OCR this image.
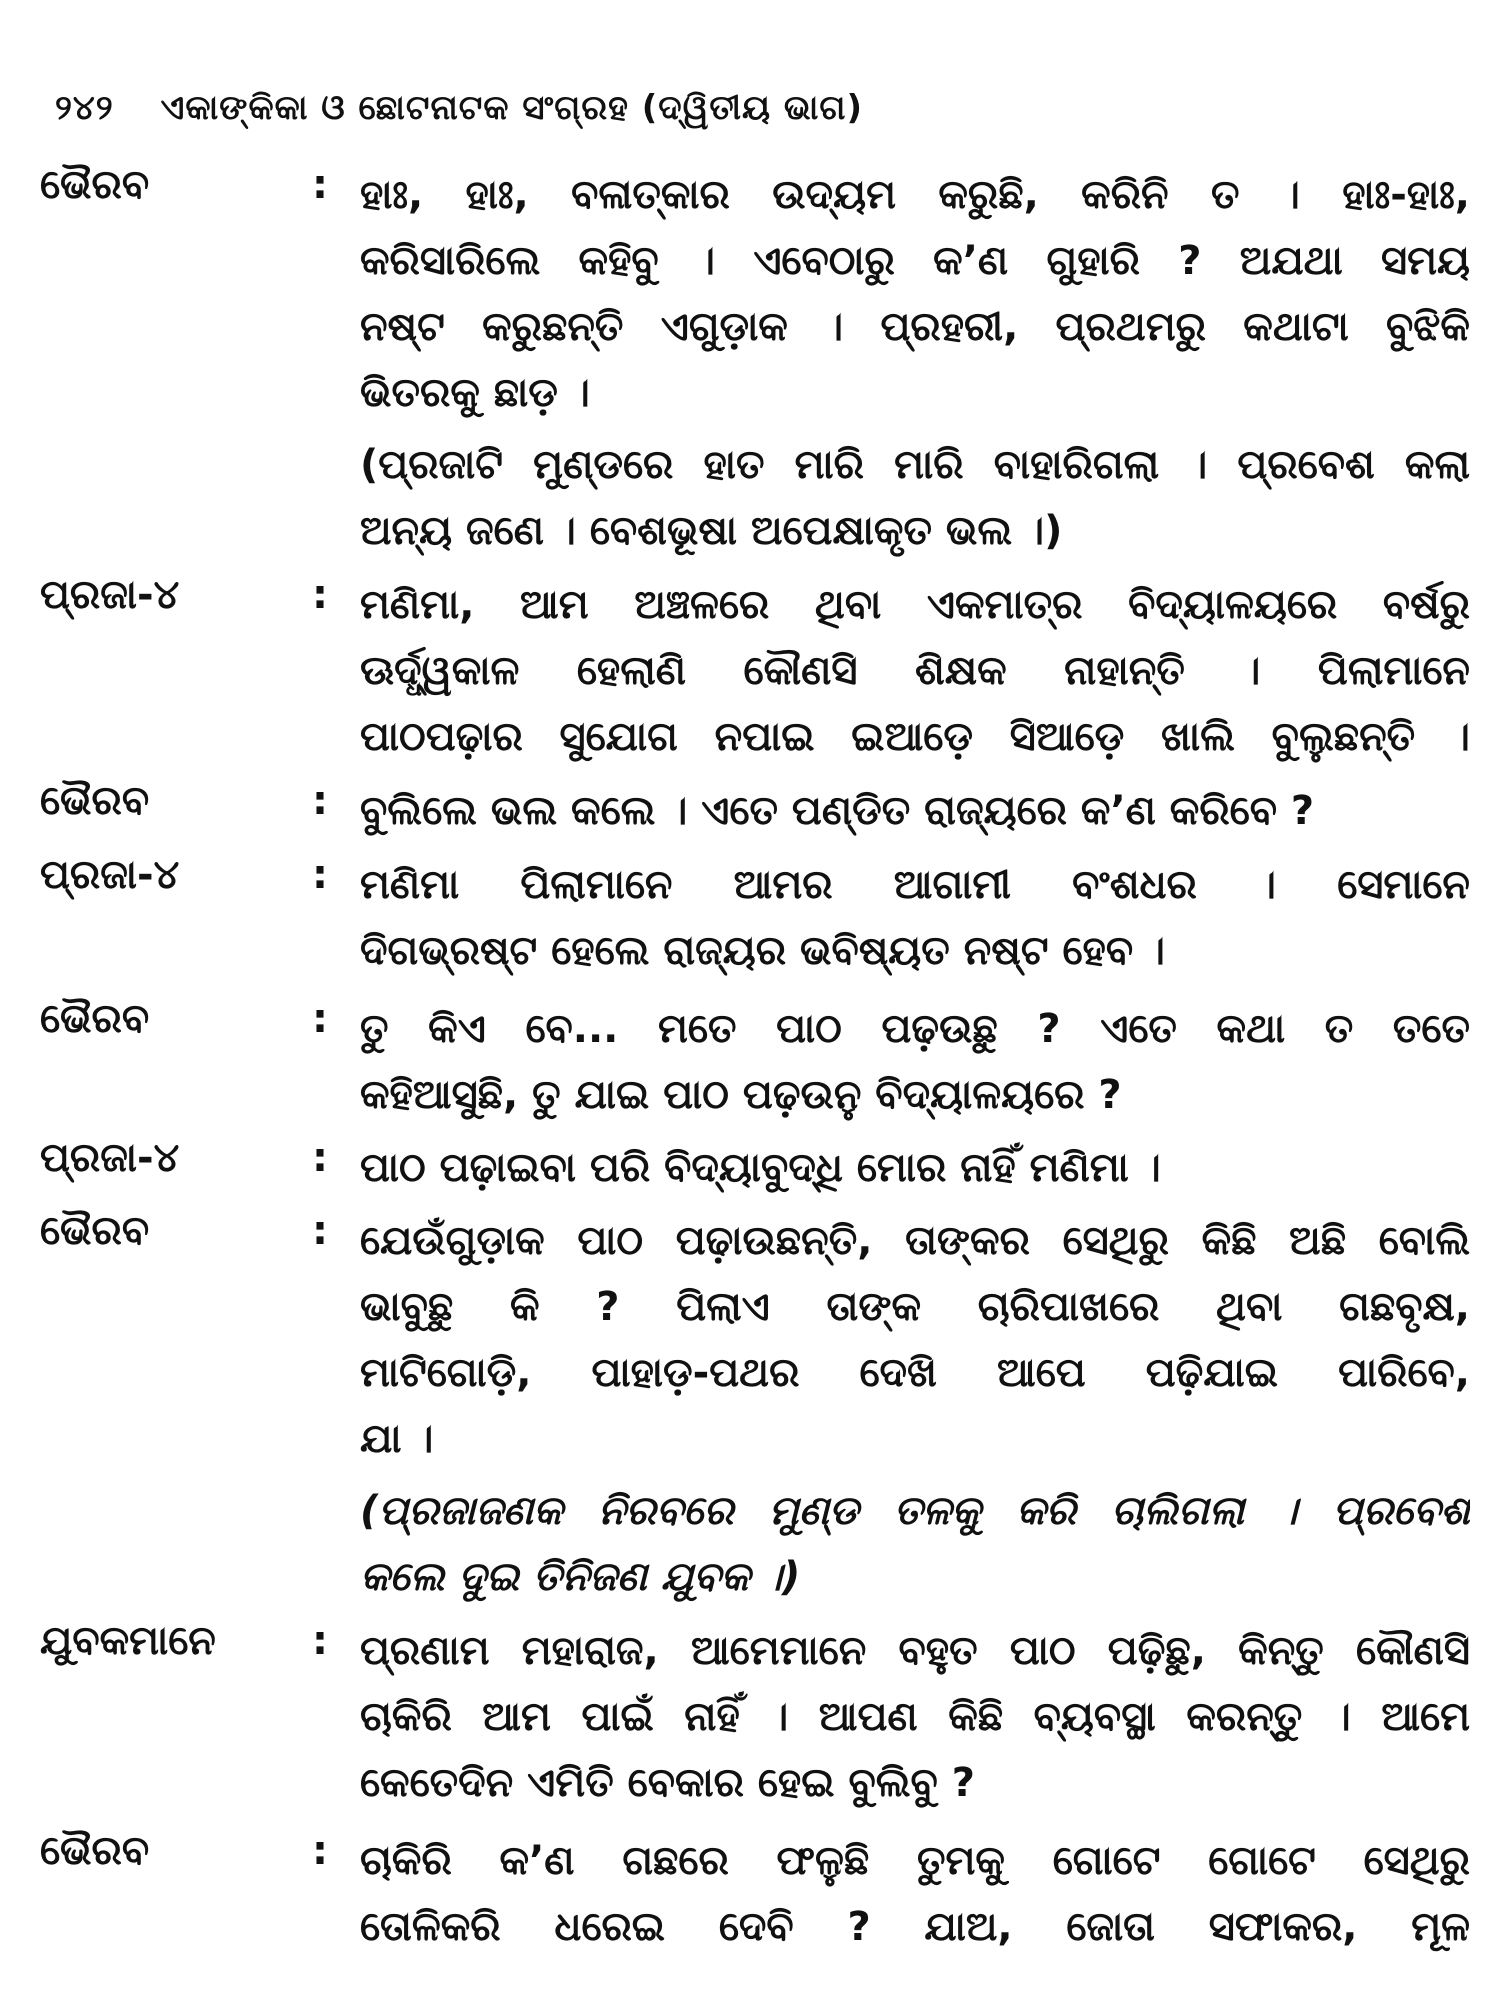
୨୪୨ ଏକାଙ୍କିକା ଓ ଛୋଟନାଟକ ସଂଗ୍ରହ (ଦ୍ୱିତୀୟ ଭାଗ)
ଭୈରବ	: ହାଃ, ହାଃ, ବଳାତ୍କାର ଉଦ୍ୟମ କରୁଛି, କରିନି ତ । ହାଃ-ହାଃ,
କରିସାରିଲେ କହିବୁ । ଏବେଠାରୁ କ’ଣ ଗୁହାରି ? ଅଯଥା ସମୟ
ନଷ୍ଟ କରୁଛନ୍ତି ଏଗୁଡ଼ାକ । ପ୍ରହରୀ, ପ୍ରଥମରୁ କଥାଟା ବୁଝିକି
ଭିତରକୁ ଛାଡ଼ ।
(ପ୍ରଜାଟି ମୁଣ୍ଡରେ ହାତ ମାରି ମାରି ବାହାରିଗଲା । ପ୍ରବେଶ କଲା
ଅନ୍ୟ ଜଣେ । ବେଶଭୂଷା ଅପେକ୍ଷାକୃତ ଭଲ ।)
ପ୍ରଜା-୪	: ମଣିମା, ଆମ ଅଞ୍ଚଳରେ ଥିବା ଏକମାତ୍ର ବିଦ୍ୟାଳୟରେ ବର୍ଷରୁ
ଊର୍ଦ୍ଧ୍ୱକାଳ ହେଲାଣି କୌଣସି ଶିକ୍ଷକ ନାହାନ୍ତି । ପିଲାମାନେ
ପାଠପଢ଼ାର ସୁଯୋଗ ନପାଇ ଇଆଡ଼େ ସିଆଡ଼େ ଖାଲି ବୁଲୁଛନ୍ତି ।
ଭୈରବ	: ବୁଲିଲେ ଭଲ କଲେ । ଏତେ ପଣ୍ଡିତ ରାଜ୍ୟରେ କ’ଣ କରିବେ ?
ପ୍ରଜା-୪	: ମଣିମା ପିଲାମାନେ ଆମର ଆଗାମୀ ବଂଶଧର । ସେମାନେ
ଦିଗଭ୍ରଷ୍ଟ ହେଲେ ରାଜ୍ୟର ଭବିଷ୍ୟତ ନଷ୍ଟ ହେବ ।
ଭୈରବ	: ତୁ କିଏ ବେ... ମତେ ପାଠ ପଢ଼ଉଛୁ ? ଏତେ କଥା ତ ତତେ
କହିଆସୁଛି, ତୁ ଯାଇ ପାଠ ପଢ଼ଉନୁ ବିଦ୍ୟାଳୟରେ ?
ପ୍ରଜା-୪	: ପାଠ ପଢ଼ାଇବା ପରି ବିଦ୍ୟାବୁଦ୍ଧି ମୋର ନାହିଁ ମଣିମା ।
ଭୈରବ	: ଯେଉଁଗୁଡ଼ାକ ପାଠ ପଢ଼ାଉଛନ୍ତି, ତାଙ୍କର ସେଥିରୁ କିଛି ଅଛି ବୋଲି
ଭାବୁଛୁ କି ? ପିଲାଏ ତାଙ୍କ ଚାରିପାଖରେ ଥିବା ଗଛବୃକ୍ଷ,
ମାଟିଗୋଡ଼ି, ପାହାଡ଼-ପଥର ଦେଖି ଆପେ ପଢ଼ିଯାଇ ପାରିବେ,
ଯା ।
(ପ୍ରଜାଜଣକ ନିରବରେ ମୁଣ୍ଡ ତଳକୁ କରି ଚାଲିଗଲା । ପ୍ରବେଶ
କଲେ ଦୁଇ ତିନିଜଣ ଯୁବକ ।)
ଯୁବକମାନେ : ପ୍ରଣାମ ମହାରାଜ, ଆମେମାନେ ବହୁତ ପାଠ ପଢ଼ିଛୁ, କିନ୍ତୁ କୌଣସି
ଚାକିରି ଆମ ପାଇଁ ନାହିଁ । ଆପଣ କିଛି ବ୍ୟବସ୍ଥା କରନ୍ତୁ । ଆମେ
କେତେଦିନ ଏମିତି ବେକାର ହେଇ ବୁଲିବୁ ?
ଭୈରବ	: ଚାକିରି କ’ଣ ଗଛରେ ଫଳୁଛି ତୁମକୁ ଗୋଟେ ଗୋଟେ ସେଥିରୁ
ତୋଳିକରି ଧରେଇ ଦେବି ? ଯାଅ, ଜୋତା ସଫାକର, ମୂଳ
